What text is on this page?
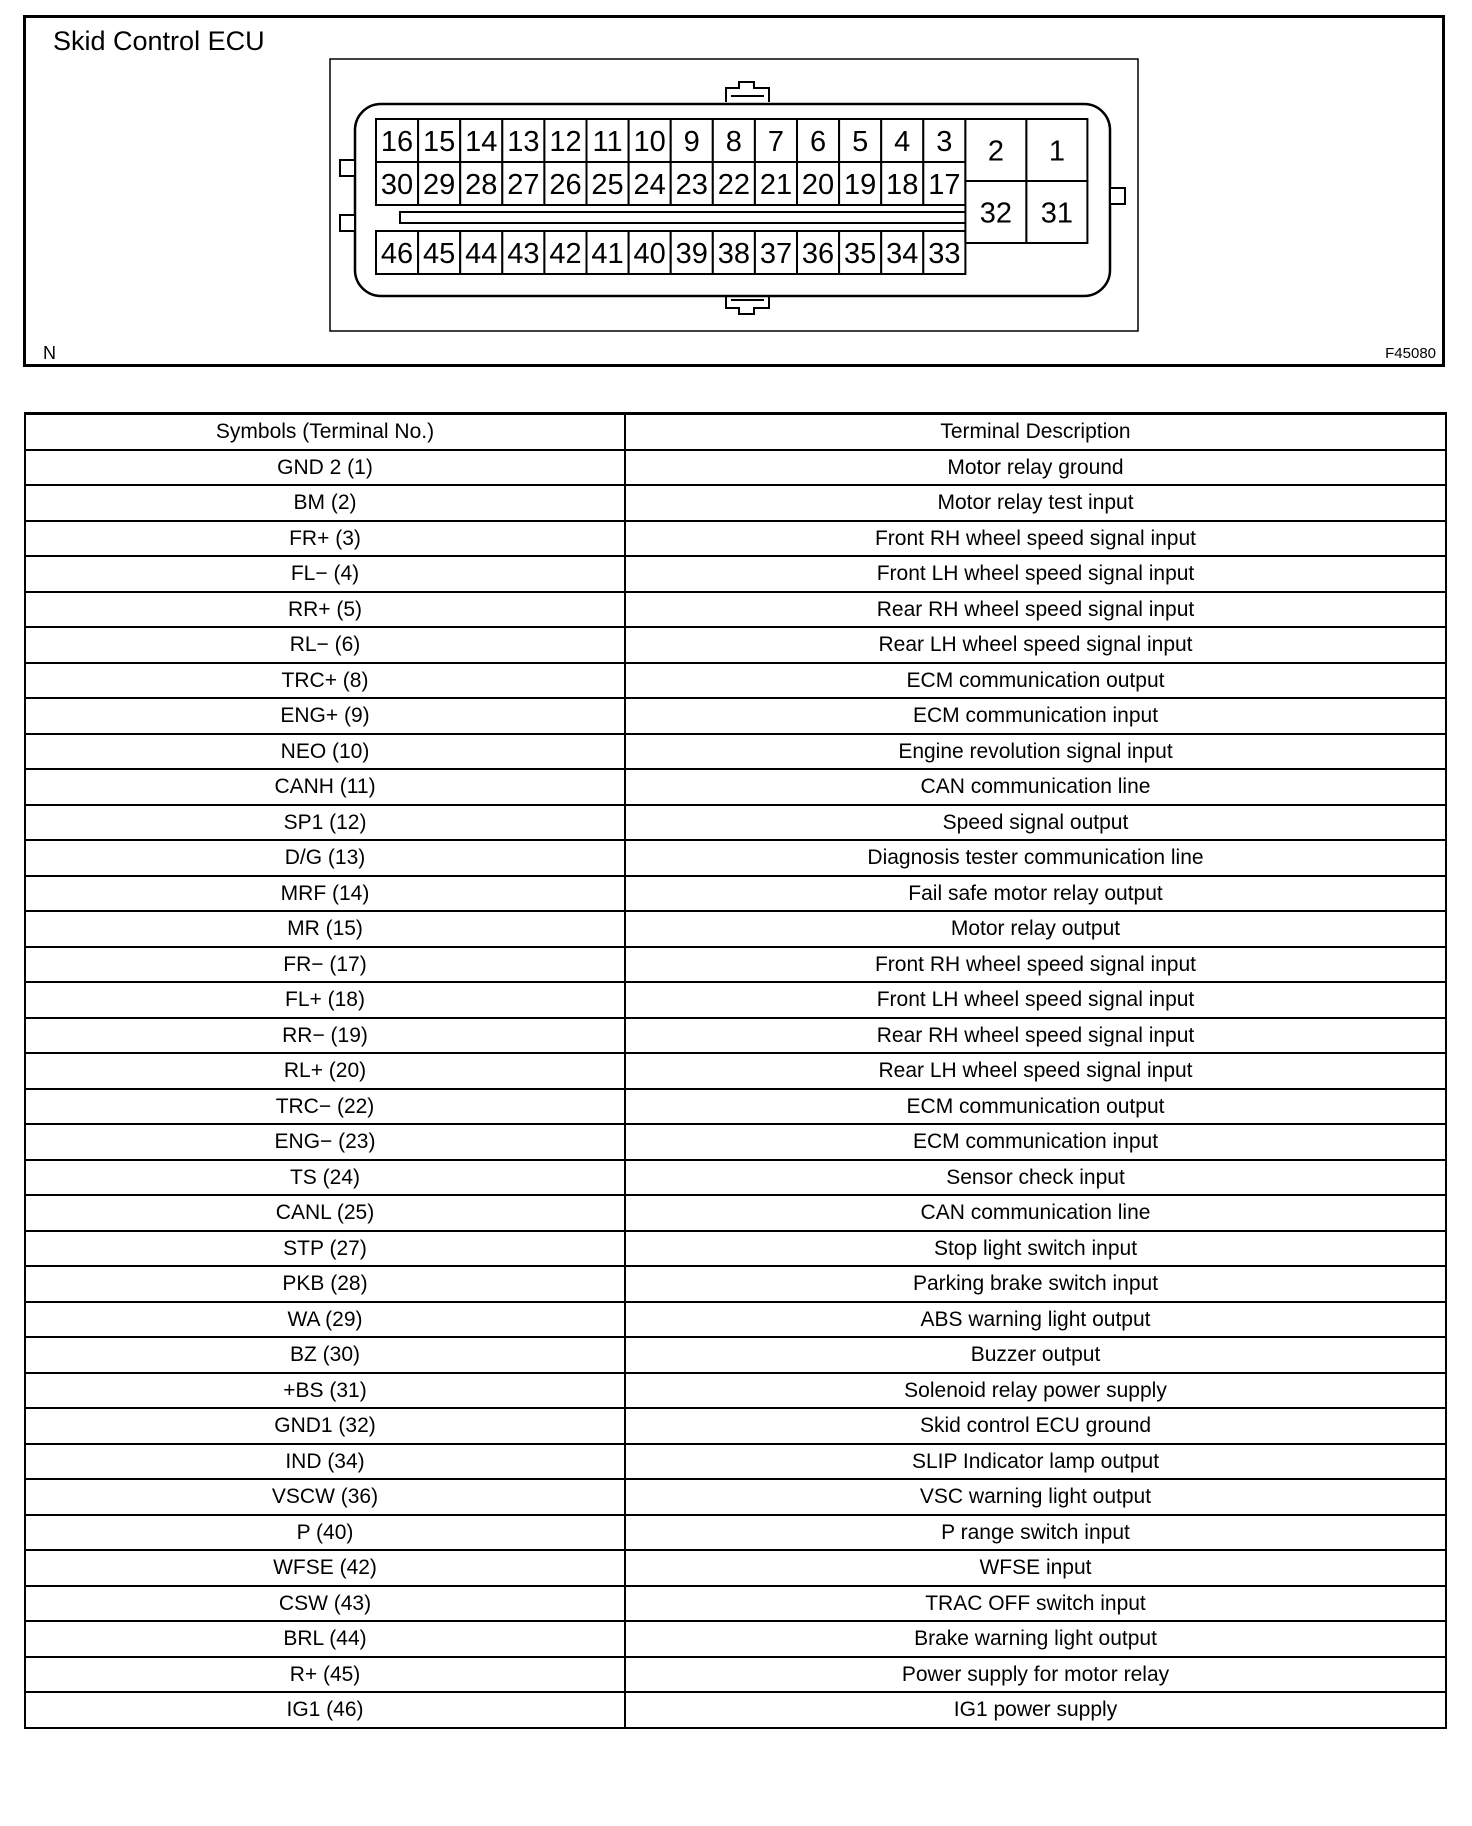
Skid Control ECU
16 15 14 13 12 11 10 9 8 7 6 5 4 3
30 29 28 27 26 25 24 23 22 21 20 19 18 17
46 45 44 43 42 41 40 39 38 37 36 35 34 33
2 1
32 31
N	F45080
Symbols (Terminal No.)	Terminal Description
GND 2 (1)	Motor relay ground
BM (2)	Motor relay test input
FR+ (3)	Front RH wheel speed signal input
FL− (4)	Front LH wheel speed signal input
RR+ (5)	Rear RH wheel speed signal input
RL− (6)	Rear LH wheel speed signal input
TRC+ (8)	ECM communication output
ENG+ (9)	ECM communication input
NEO (10)	Engine revolution signal input
CANH (11)	CAN communication line
SP1 (12)	Speed signal output
D/G (13)	Diagnosis tester communication line
MRF (14)	Fail safe motor relay output
MR (15)	Motor relay output
FR− (17)	Front RH wheel speed signal input
FL+ (18)	Front LH wheel speed signal input
RR− (19)	Rear RH wheel speed signal input
RL+ (20)	Rear LH wheel speed signal input
TRC− (22)	ECM communication output
ENG− (23)	ECM communication input
TS (24)	Sensor check input
CANL (25)	CAN communication line
STP (27)	Stop light switch input
PKB (28)	Parking brake switch input
WA (29)	ABS warning light output
BZ (30)	Buzzer output
+BS (31)	Solenoid relay power supply
GND1 (32)	Skid control ECU ground
IND (34)	SLIP Indicator lamp output
VSCW (36)	VSC warning light output
P (40)	P range switch input
WFSE (42)	WFSE input
CSW (43)	TRAC OFF switch input
BRL (44)	Brake warning light output
R+ (45)	Power supply for motor relay
IG1 (46)	IG1 power supply
